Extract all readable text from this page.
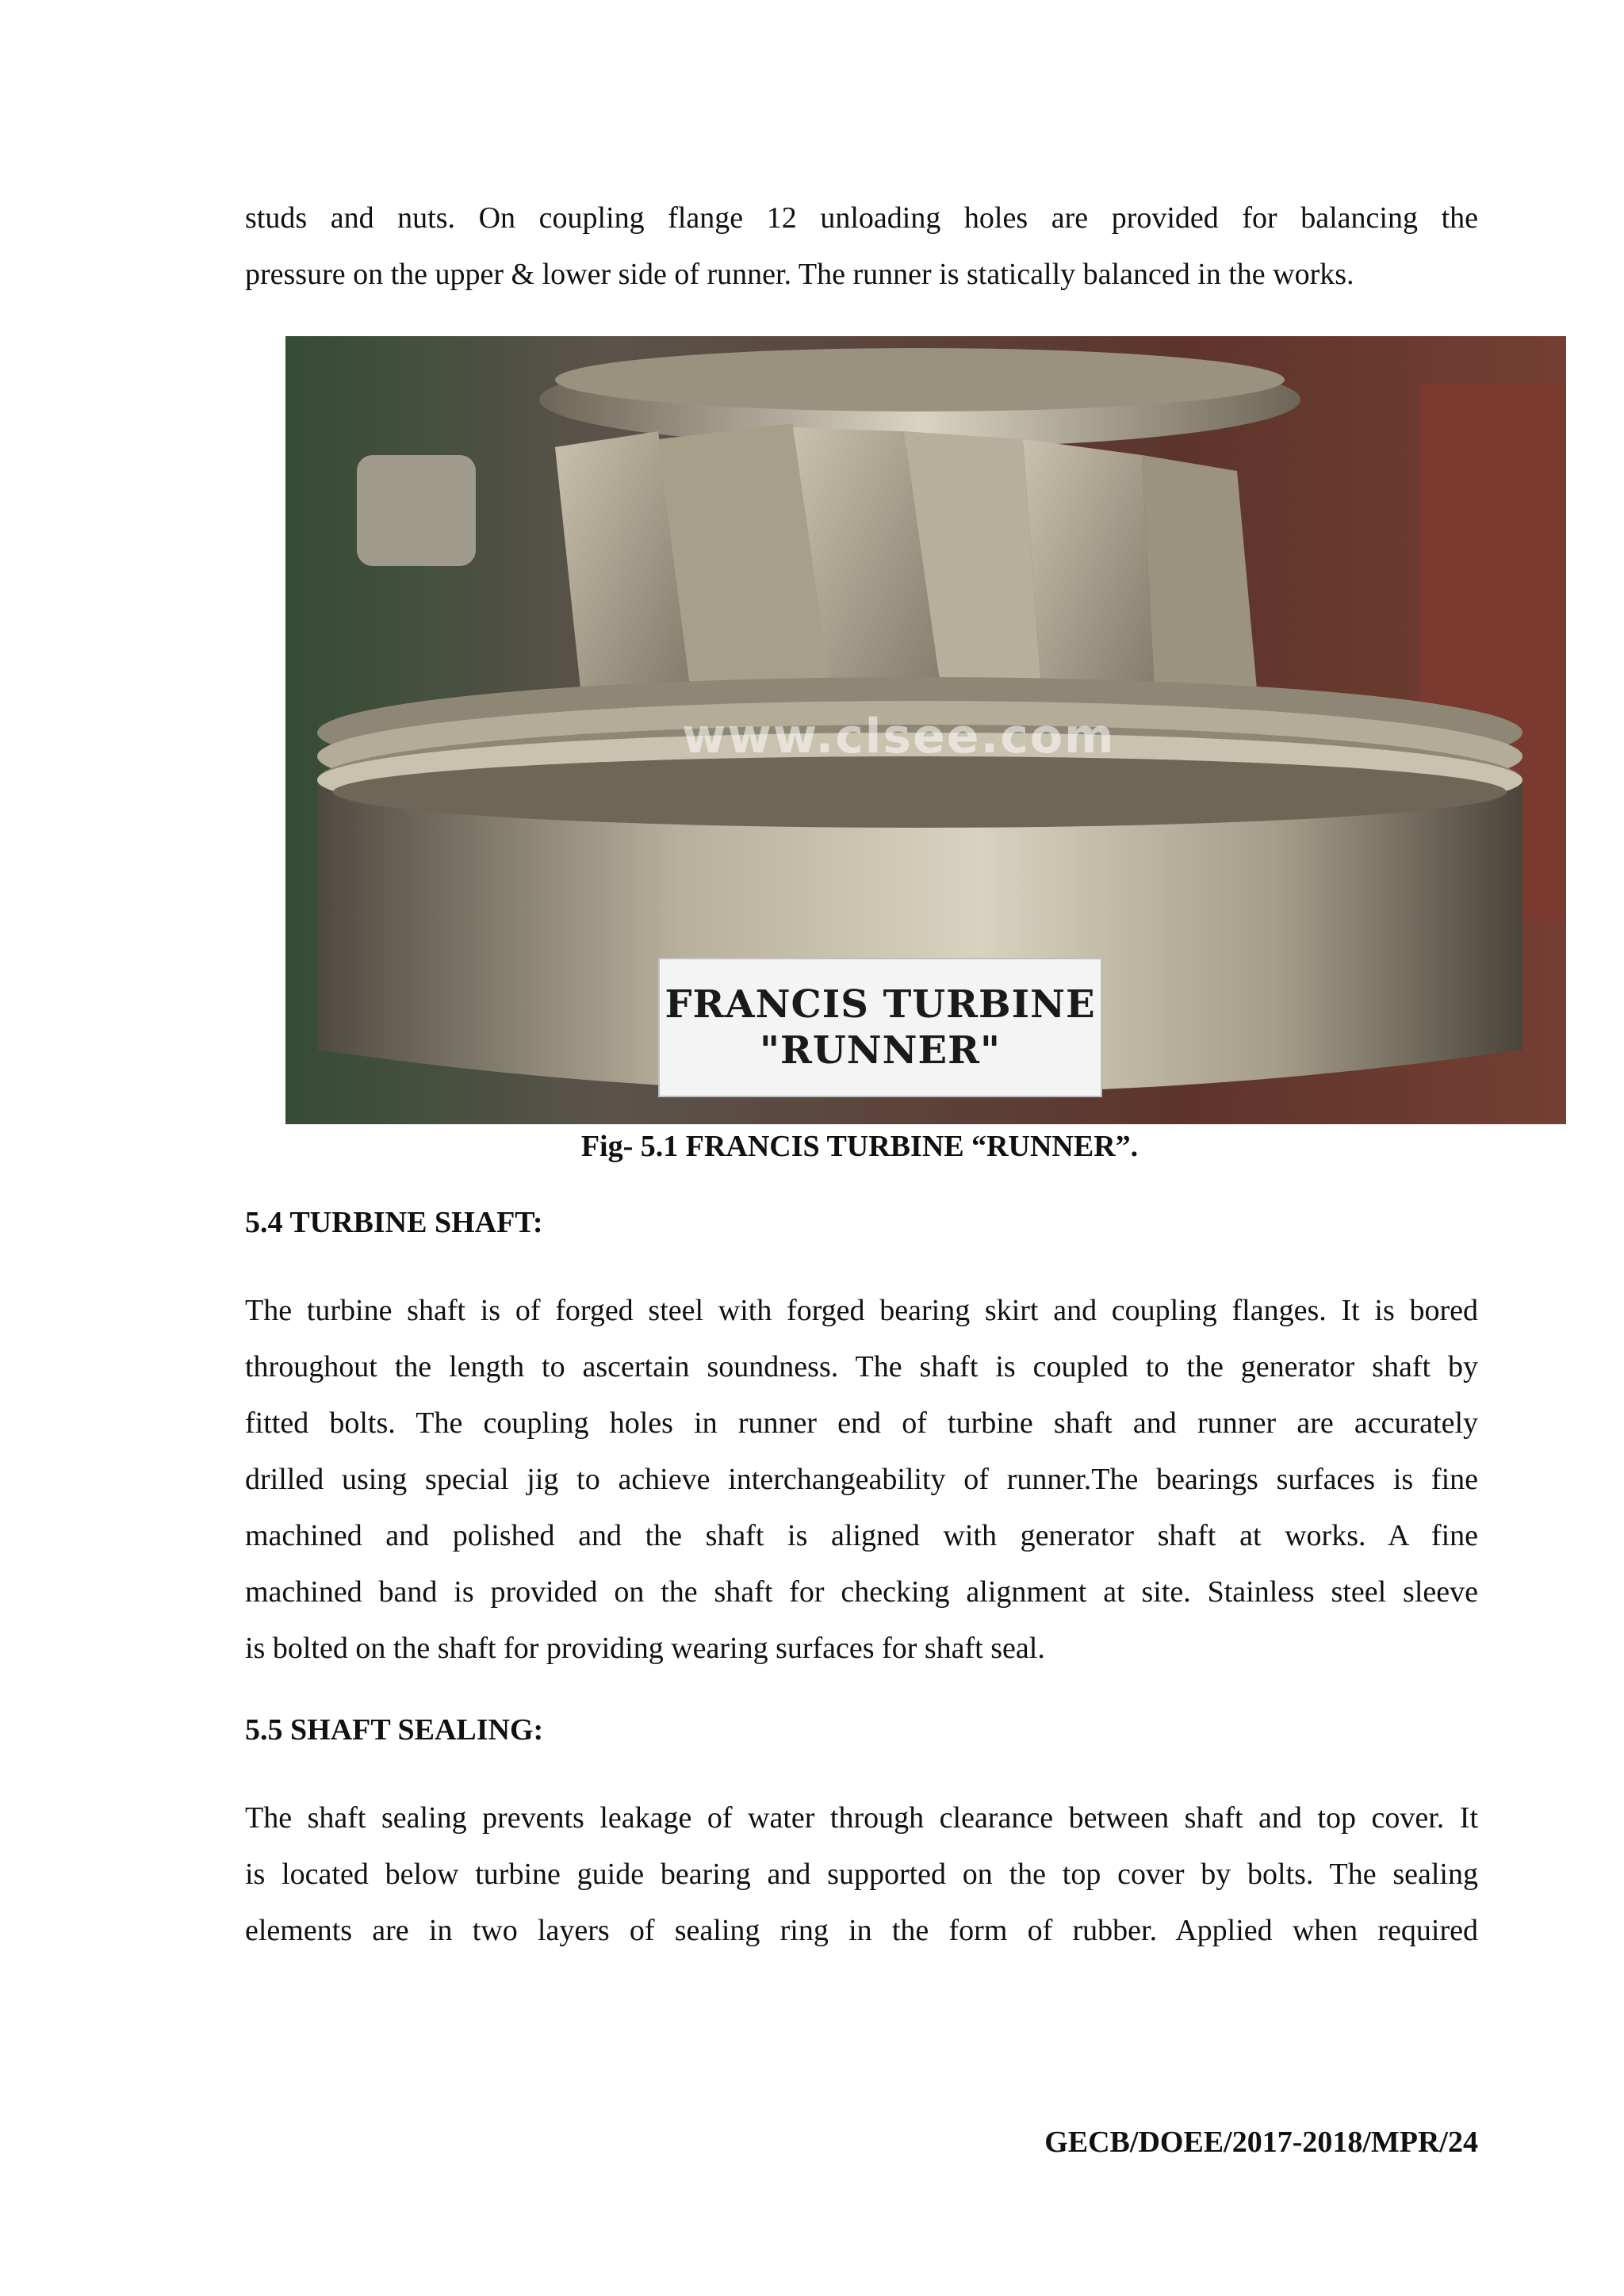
studs and nuts. On coupling flange 12 unloading holes are provided for balancing the
pressure on the upper & lower side of runner. The runner is statically balanced in the works.

www.clsee.com
FRANCIS TURBINE
"RUNNER"
Fig- 5.1 FRANCIS TURBINE “RUNNER”.
5.4 TURBINE SHAFT:

The turbine shaft is of forged steel with forged bearing skirt and coupling flanges. It is bored
throughout the length to ascertain soundness. The shaft is coupled to the generator shaft by
fitted bolts. The coupling holes in runner end of turbine shaft and runner are accurately
drilled using special jig to achieve interchangeability of runner.The bearings surfaces is fine
machined and polished and the shaft is aligned with generator shaft at works. A fine
machined band is provided on the shaft for checking alignment at site. Stainless steel sleeve
is bolted on the shaft for providing wearing surfaces for shaft seal.

5.5 SHAFT SEALING:

The shaft sealing prevents leakage of water through clearance between shaft and top cover. It
is located below turbine guide bearing and supported on the top cover by bolts. The sealing
elements are in two layers of sealing ring in the form of rubber. Applied when required

GECB/DOEE/2017-2018/MPR/24
